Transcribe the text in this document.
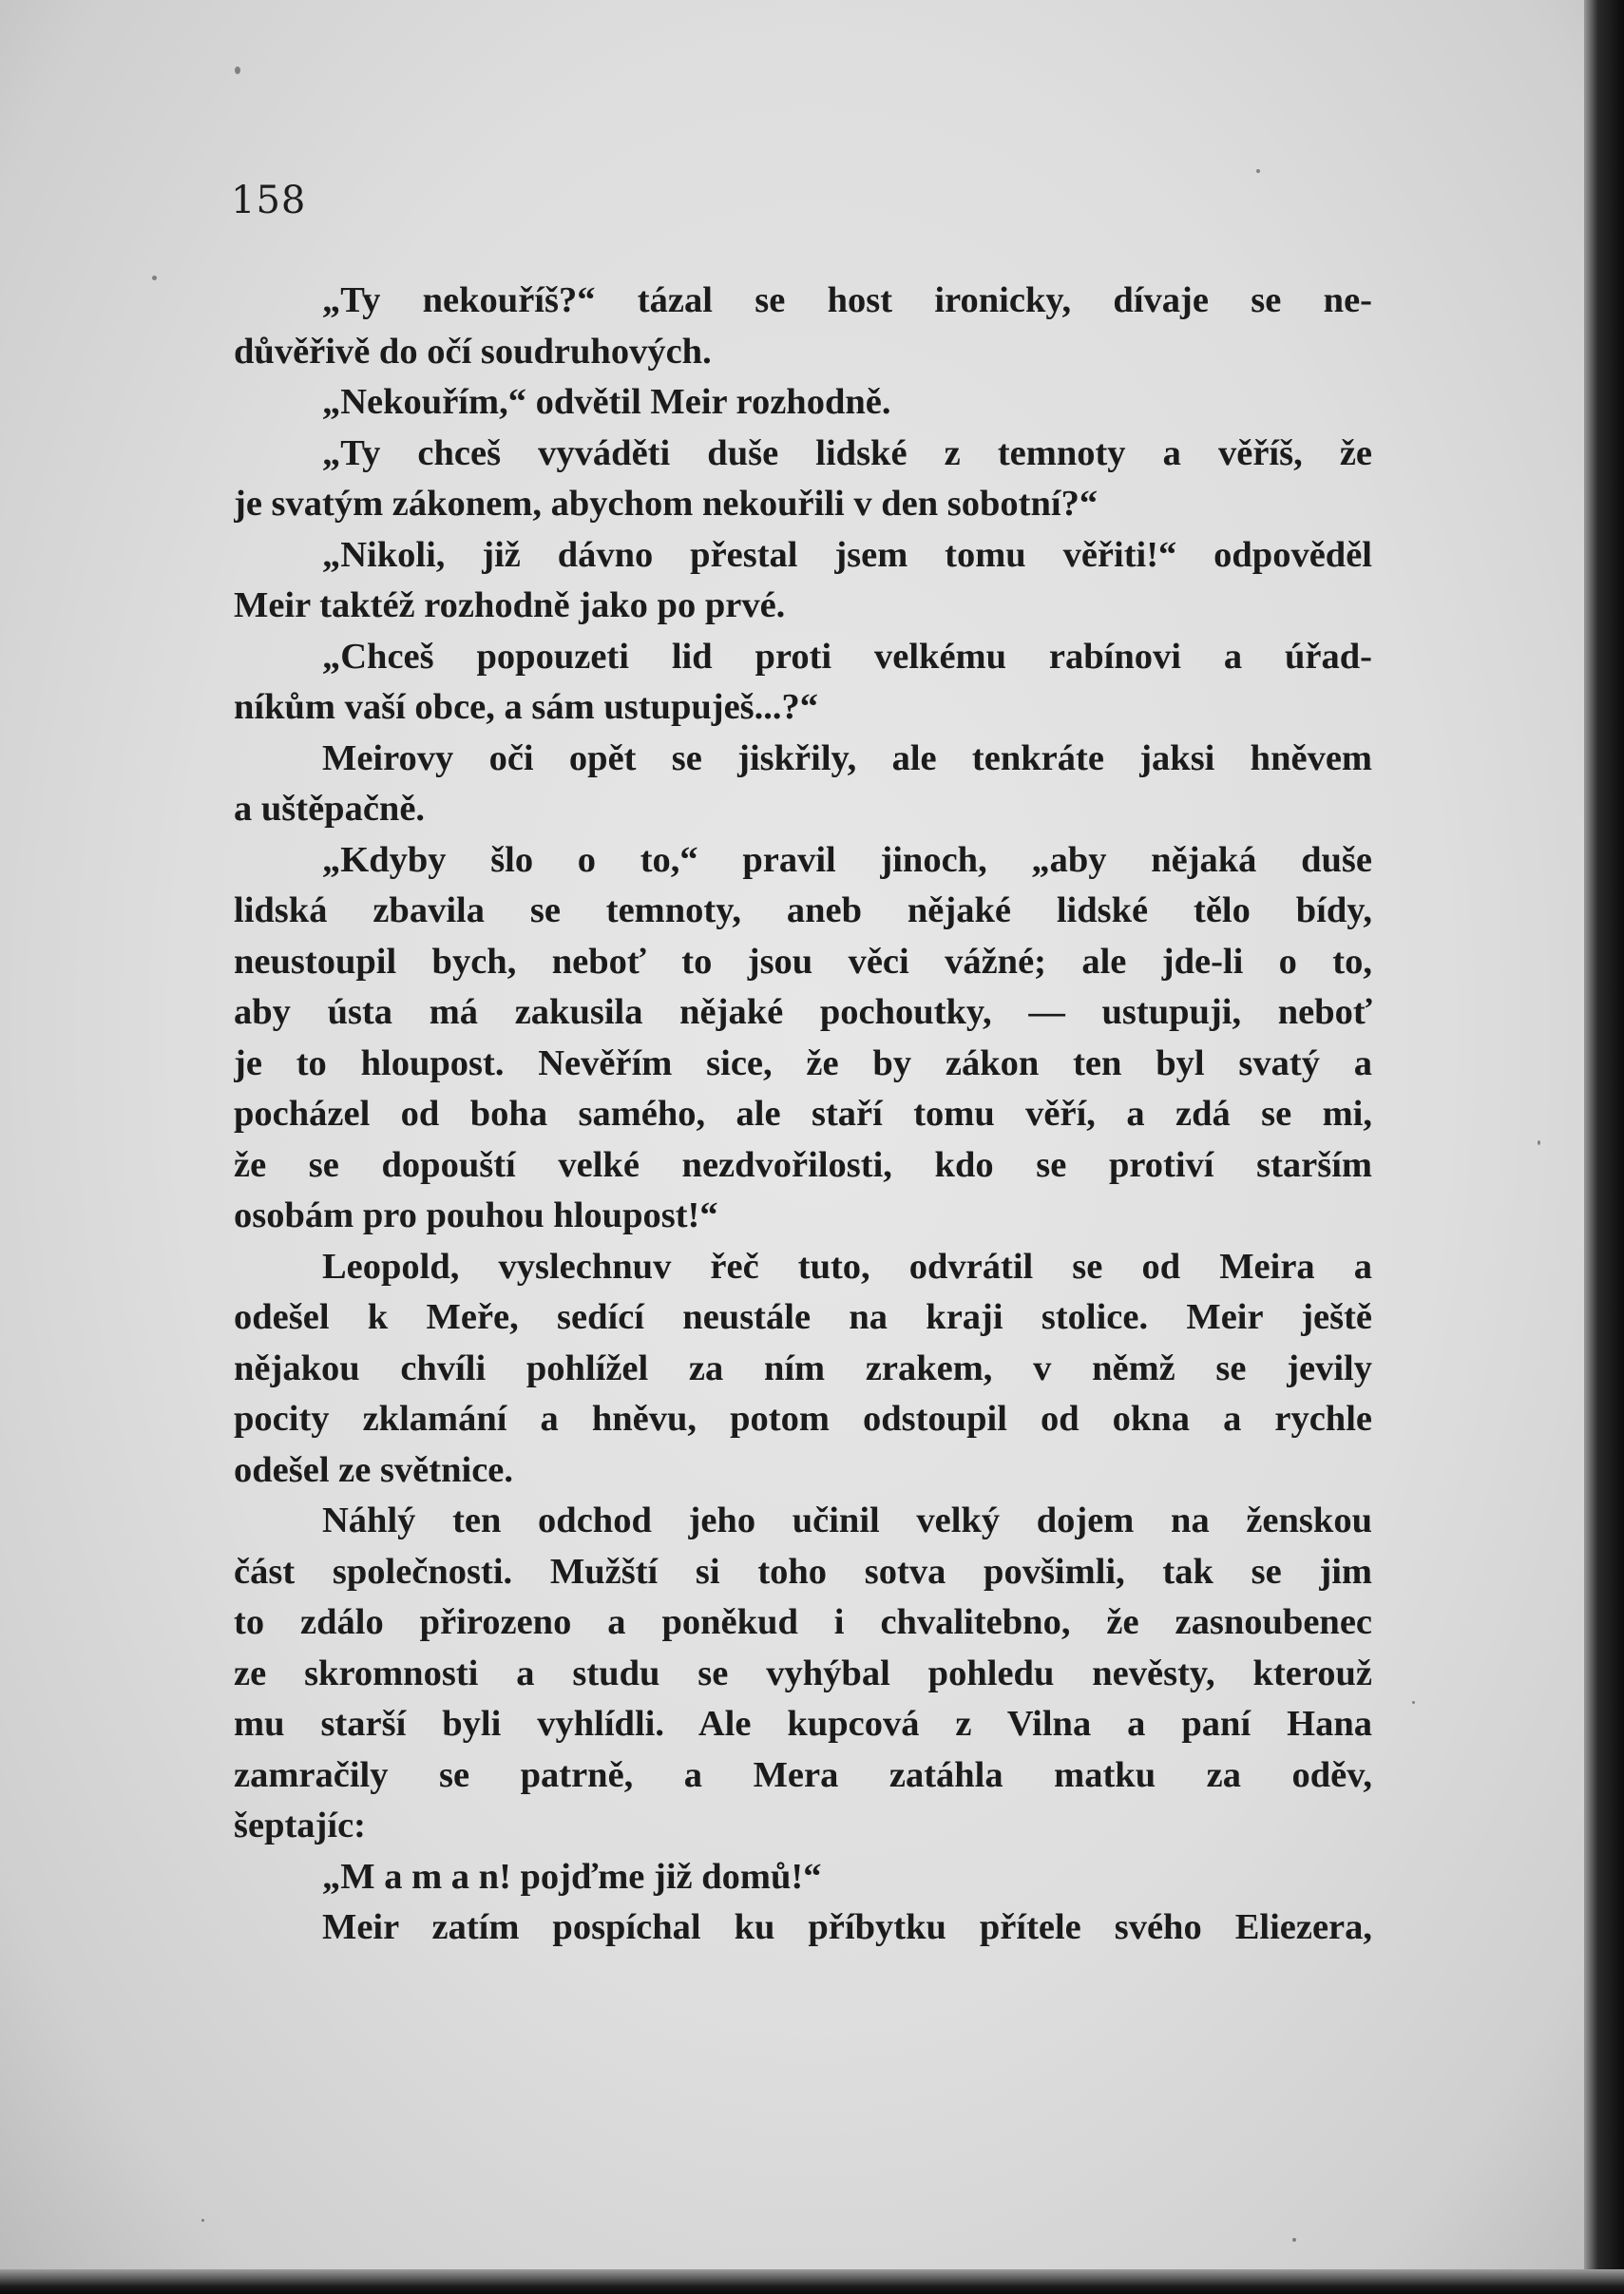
158
„Ty nekouříš?“ tázal se host ironicky, dívaje se ne-
důvěřivě do očí soudruhových.
„Nekouřím,“ odvětil Meir rozhodně.
„Ty chceš vyváděti duše lidské z temnoty a věříš, že
je svatým zákonem, abychom nekouřili v den sobotní?“
„Nikoli, již dávno přestal jsem tomu věřiti!“ odpověděl
Meir taktéž rozhodně jako po prvé.
„Chceš popouzeti lid proti velkému rabínovi a úřad-
níkům vaší obce, a sám ustupuješ...?“
Meirovy oči opět se jiskřily, ale tenkráte jaksi hněvem
a uštěpačně.
„Kdyby šlo o to,“ pravil jinoch, „aby nějaká duše
lidská zbavila se temnoty, aneb nějaké lidské tělo bídy,
neustoupil bych, neboť to jsou věci vážné; ale jde-li o to,
aby ústa má zakusila nějaké pochoutky, — ustupuji, neboť
je to hloupost. Nevěřím sice, že by zákon ten byl svatý a
pocházel od boha samého, ale staří tomu věří, a zdá se mi,
že se dopouští velké nezdvořilosti, kdo se protiví starším
osobám pro pouhou hloupost!“
Leopold, vyslechnuv řeč tuto, odvrátil se od Meira a
odešel k Meře, sedící neustále na kraji stolice. Meir ještě
nějakou chvíli pohlížel za ním zrakem, v němž se jevily
pocity zklamání a hněvu, potom odstoupil od okna a rychle
odešel ze světnice.
Náhlý ten odchod jeho učinil velký dojem na ženskou
část společnosti. Mužští si toho sotva povšimli, tak se jim
to zdálo přirozeno a poněkud i chvalitebno, že zasnoubenec
ze skromnosti a studu se vyhýbal pohledu nevěsty, kterouž
mu starší byli vyhlídli. Ale kupcová z Vilna a paní Hana
zamračily se patrně, a Mera zatáhla matku za oděv,
šeptajíc:
„M a m a n! pojďme již domů!“
Meir zatím pospíchal ku příbytku přítele svého Eliezera,
